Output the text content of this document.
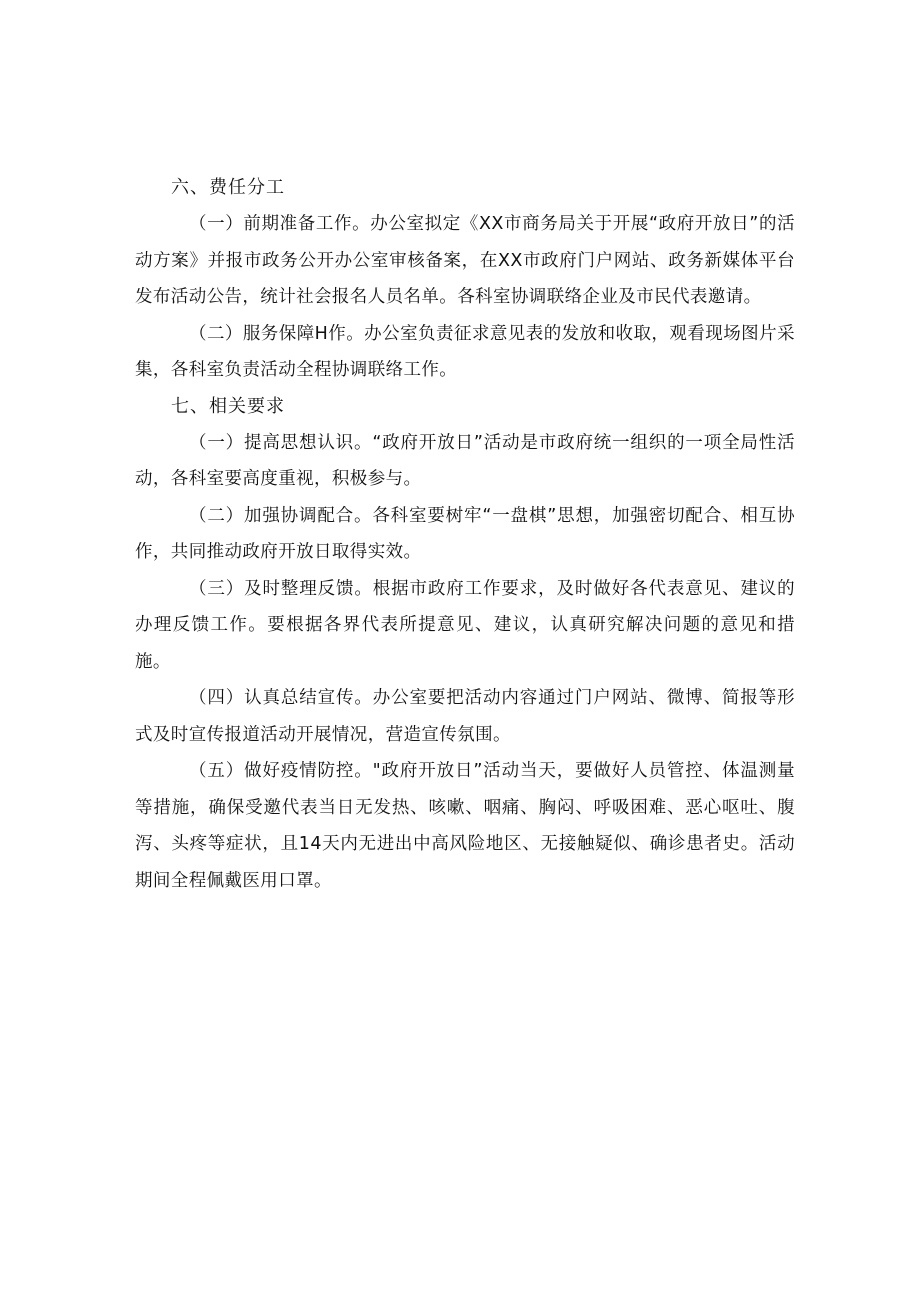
六、费任分工

（一）前期准备工作。办公室拟定《XX市商务局关于开展“政府开放日”的活动方案》并报市政务公开办公室审核备案，在XX市政府门户网站、政务新媒体平台发布活动公告，统计社会报名人员名单。各科室协调联络企业及市民代表邀请。

（二）服务保障H作。办公室负责征求意见表的发放和收取，观看现场图片采集，各科室负责活动全程协调联络工作。

七、相关要求

（一）提高思想认识。“政府开放日”活动是市政府统一组织的一项全局性活动，各科室要高度重视，积极参与。

（二）加强协调配合。各科室要树牢“一盘棋”思想，加强密切配合、相互协作，共同推动政府开放日取得实效。

（三）及时整理反馈。根据市政府工作要求，及时做好各代表意见、建议的办理反馈工作。要根据各界代表所提意见、建议，认真研究解决问题的意见和措施。

（四）认真总结宣传。办公室要把活动内容通过门户网站、微博、简报等形式及时宣传报道活动开展情况，营造宣传氛围。

（五）做好疫情防控。"政府开放日”活动当天，要做好人员管控、体温测量等措施，确保受邀代表当日无发热、咳嗽、咽痛、胸闷、呼吸困难、恶心呕吐、腹泻、头疼等症状，且14天内无进出中高风险地区、无接触疑似、确诊患者史。活动期间全程佩戴医用口罩。
